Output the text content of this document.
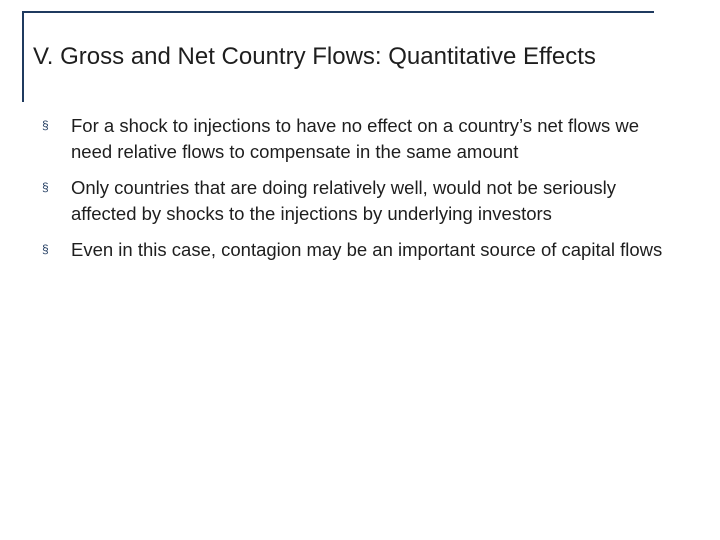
V. Gross and Net Country Flows: Quantitative Effects
§ For a shock to injections to have no effect on a country’s net flows we need relative flows to compensate in the same amount
§ Only countries that are doing relatively well, would not be seriously affected by shocks to the injections by underlying investors
§ Even in this case, contagion may be an important source of capital flows
